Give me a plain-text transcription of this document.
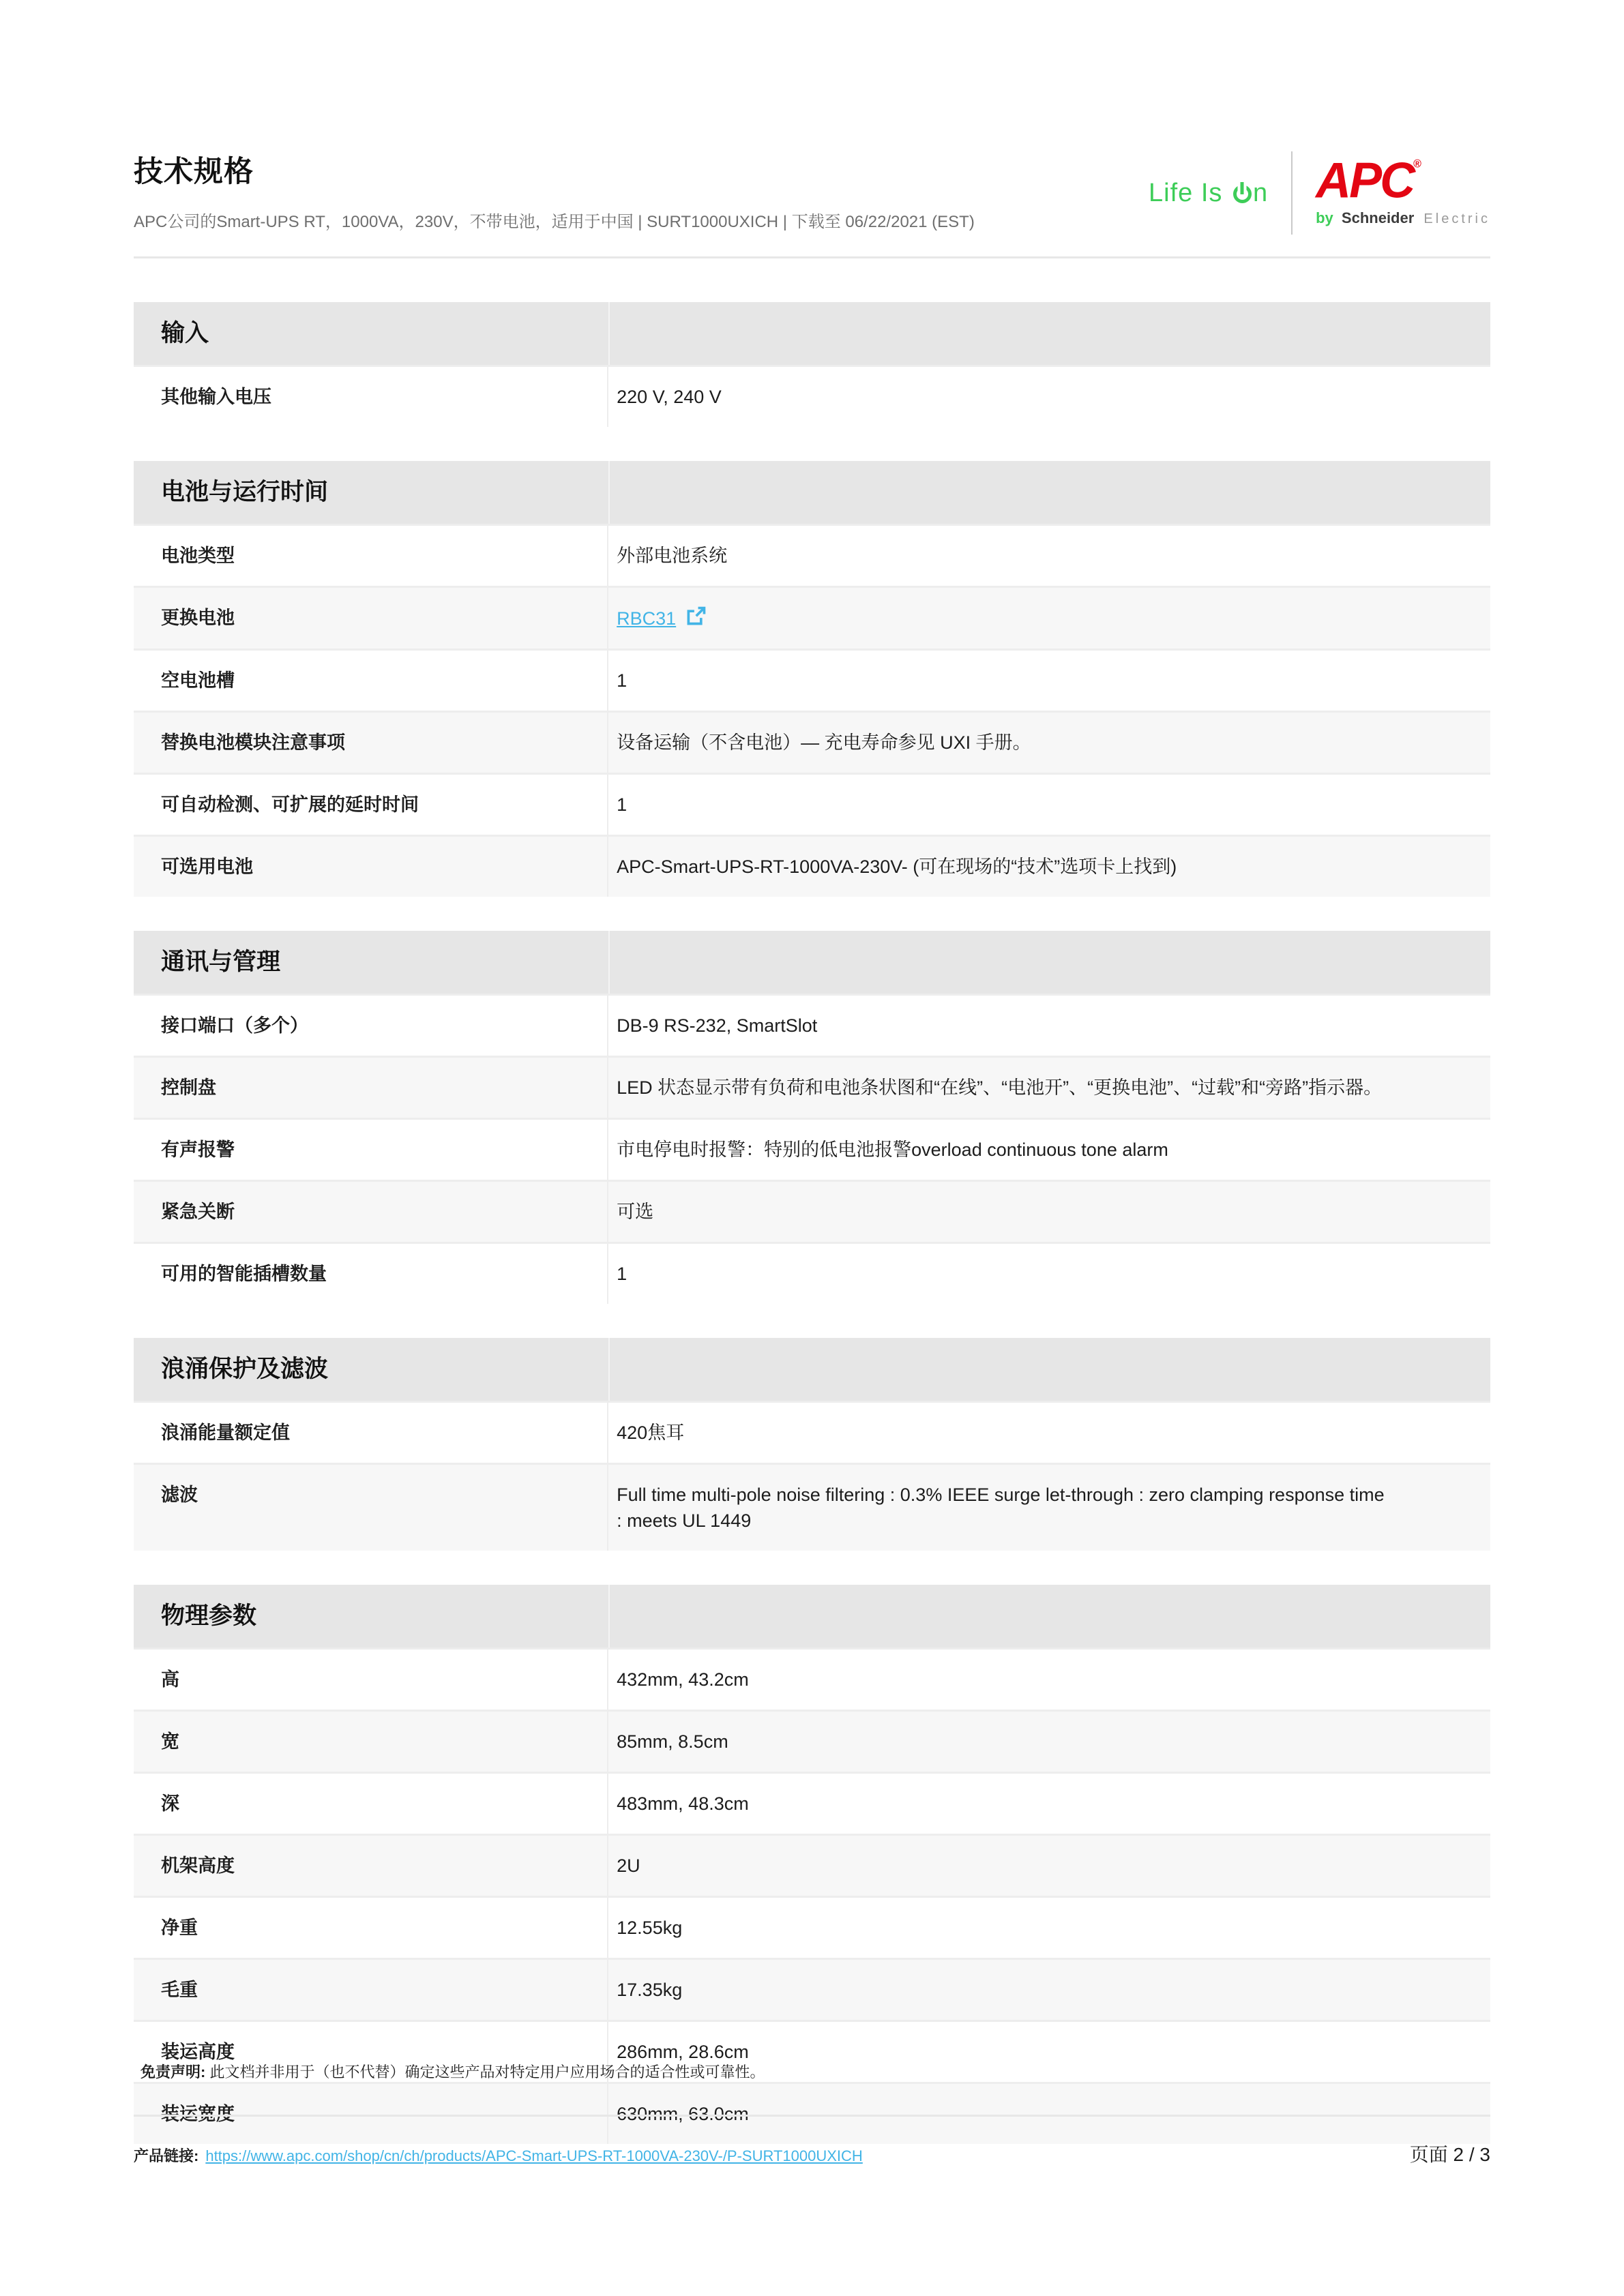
技术规格
APC公司的Smart-UPS RT，1000VA，230V，不带电池，适用于中国 | SURT1000UXICH | 下载至 06/22/2021 (EST)
Life Is
n APC®
by Schneider Electric
输入
其他输入电压	220 V, 240 V
电池与运行时间
电池类型	外部电池系统
更换电池	RBC31
空电池槽	1
替换电池模块注意事项	设备运输（不含电池）— 充电寿命参见 UXI 手册。
可自动检测、可扩展的延时时间	1
可选用电池	APC-Smart-UPS-RT-1000VA-230V- (可在现场的“技术”选项卡上找到)
通讯与管理
接口端口（多个）	DB-9 RS-232, SmartSlot
控制盘	LED 状态显示带有负荷和电池条状图和“在线”、“电池开”、“更换电池”、“过载”和“旁路”指示器。
有声报警	市电停电时报警：特别的低电池报警overload continuous tone alarm
紧急关断	可选
可用的智能插槽数量	1
浪涌保护及滤波
浪涌能量额定值	420焦耳
滤波	Full time multi-pole noise filtering : 0.3% IEEE surge let-through : zero clamping response time : meets UL 1449
物理参数
高	432mm, 43.2cm
宽	85mm, 8.5cm
深	483mm, 48.3cm
机架高度	2U
净重	12.55kg
毛重	17.35kg
装运高度	286mm, 28.6cm
装运宽度	630mm, 63.0cm
免责声明: 此文档并非用于（也不代替）确定这些产品对特定用户应用场合的适合性或可靠性。
产品链接: https://www.apc.com/shop/cn/ch/products/APC-Smart-UPS-RT-1000VA-230V-/P-SURT1000UXICH	页面 2 / 3
